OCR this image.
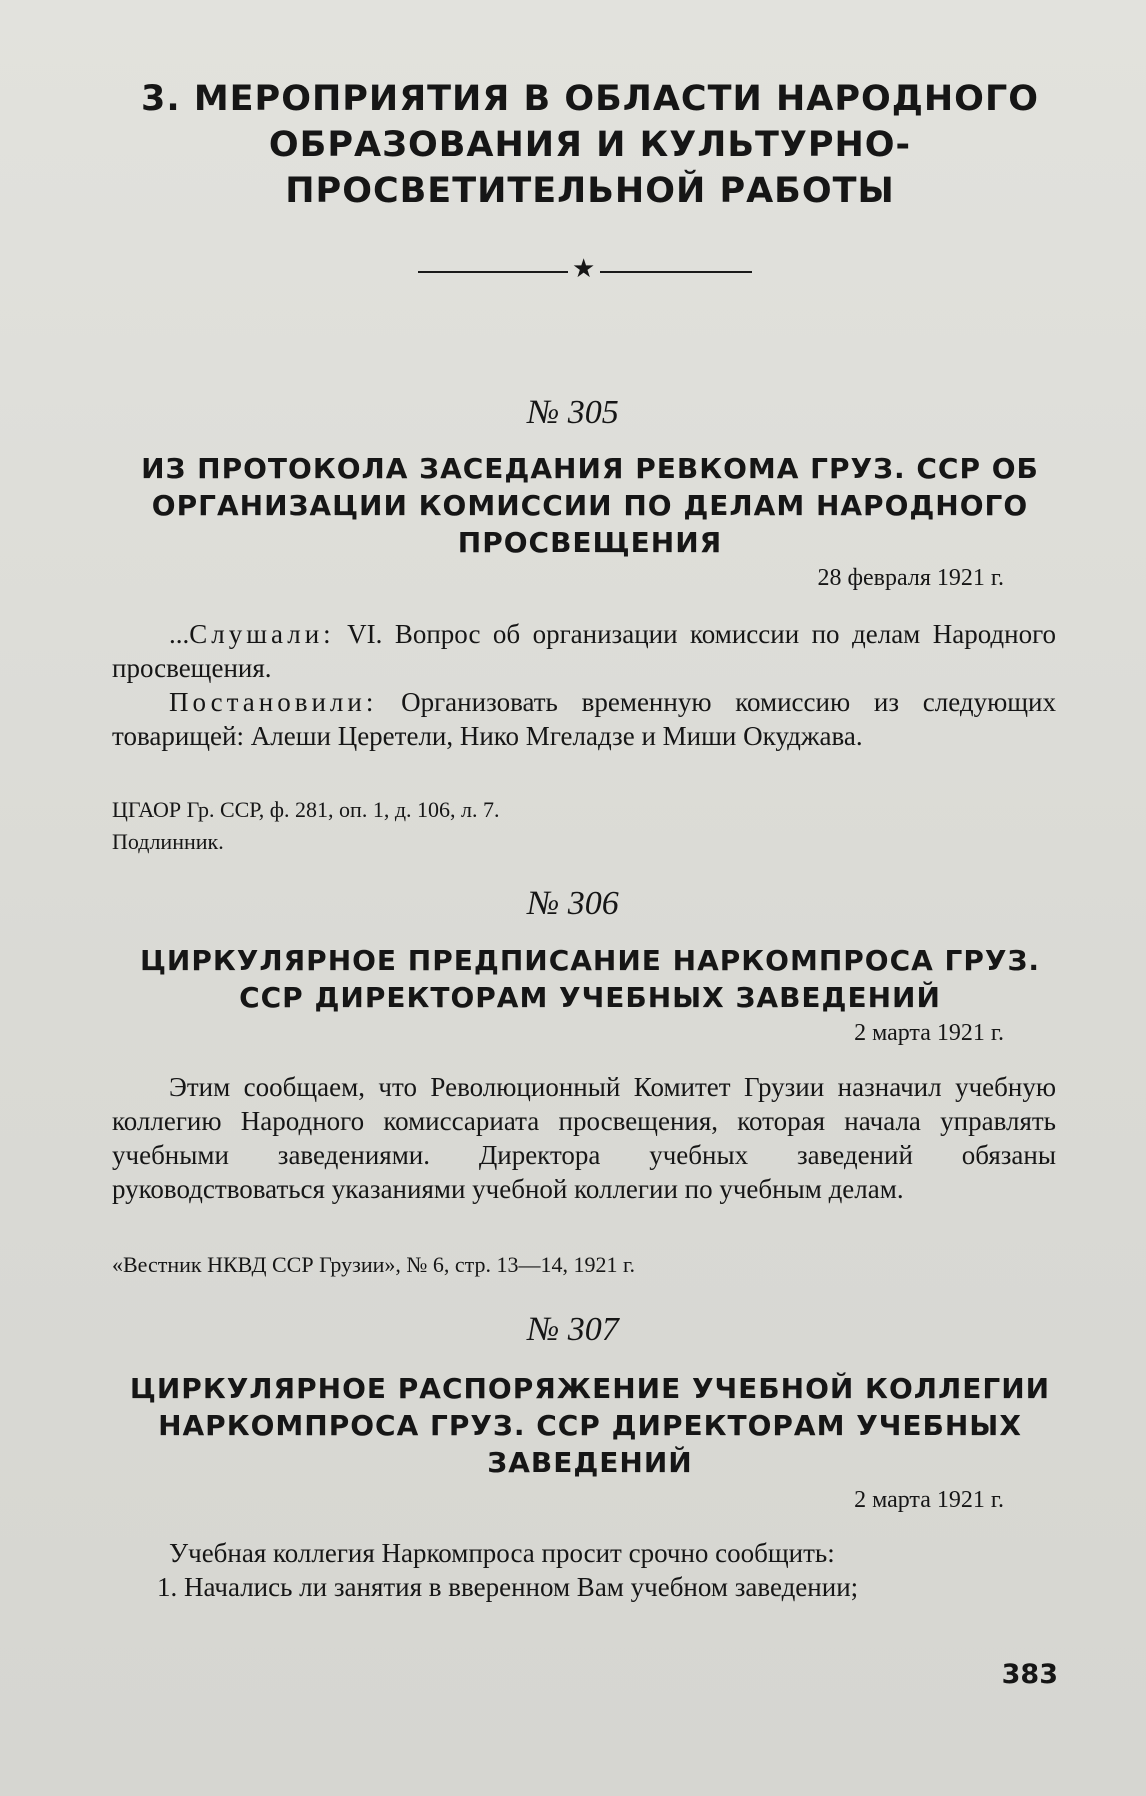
3. МЕРОПРИЯТИЯ В ОБЛАСТИ НАРОДНОГО ОБРАЗОВАНИЯ И КУЛЬТУРНО-ПРОСВЕТИТЕЛЬНОЙ РАБОТЫ
★
№ 305
ИЗ ПРОТОКОЛА ЗАСЕДАНИЯ РЕВКОМА ГРУЗ. ССР ОБ ОРГАНИЗАЦИИ КОМИССИИ ПО ДЕЛАМ НАРОДНОГО ПРОСВЕЩЕНИЯ
28 февраля 1921 г.

...Слушали: VI. Вопрос об организации комиссии по делам Народного просвещения.

Постановили: Организовать временную комиссию из следующих товарищей: Алеши Церетели, Нико Мгеладзе и Миши Окуджава.

ЦГАОР Гр. ССР, ф. 281, оп. 1, д. 106, л. 7.
Подлинник.
№ 306
ЦИРКУЛЯРНОЕ ПРЕДПИСАНИЕ НАРКОМПРОСА ГРУЗ. ССР ДИРЕКТОРАМ УЧЕБНЫХ ЗАВЕДЕНИЙ
2 марта 1921 г.

Этим сообщаем, что Революционный Комитет Грузии назначил учебную коллегию Народного комиссариата просвещения, которая начала управлять учебными заведениями. Директора учебных заведений обязаны руководствоваться указаниями учебной коллегии по учебным делам.

«Вестник НКВД ССР Грузии», № 6, стр. 13—14, 1921 г.
№ 307
ЦИРКУЛЯРНОЕ РАСПОРЯЖЕНИЕ УЧЕБНОЙ КОЛЛЕГИИ НАРКОМПРОСА ГРУЗ. ССР ДИРЕКТОРАМ УЧЕБНЫХ ЗАВЕДЕНИЙ
2 марта 1921 г.

Учебная коллегия Наркомпроса просит срочно сообщить:

1. Начались ли занятия в вверенном Вам учебном заведении;

383
